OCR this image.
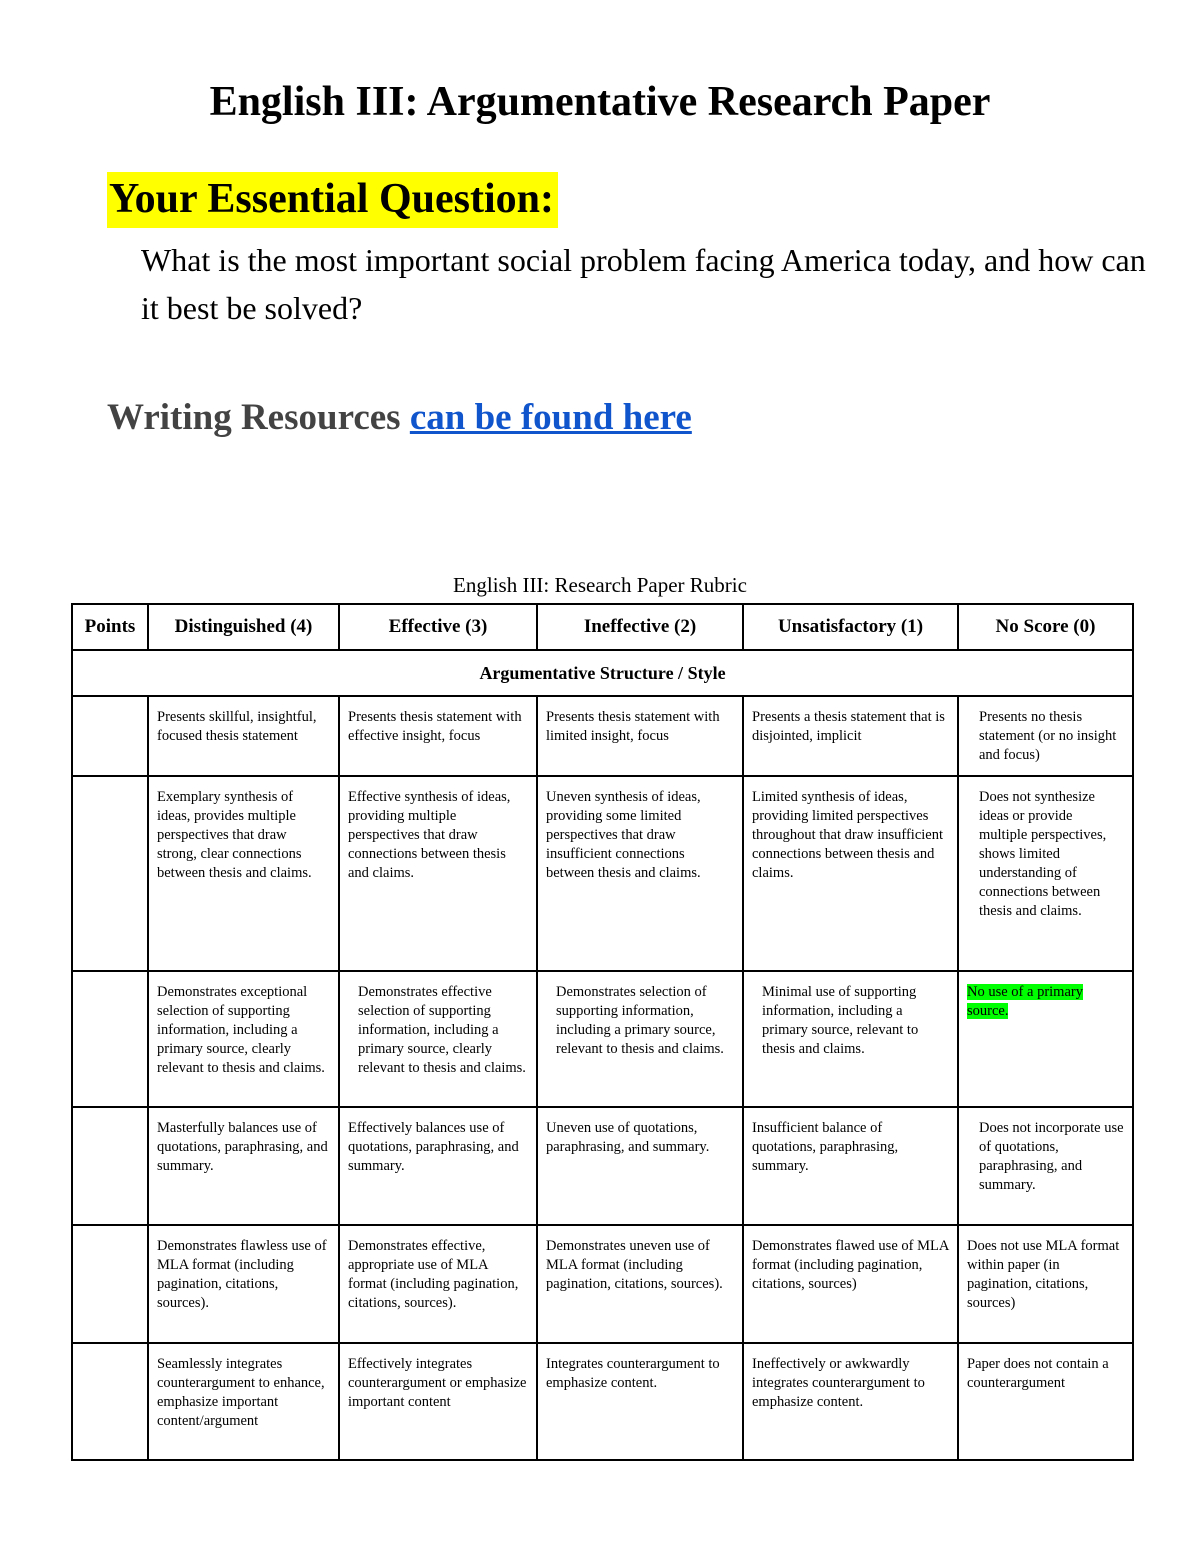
English III: Argumentative Research Paper
Your Essential Question:

What is the most important social problem facing America today, and how can it best be solved?

Writing Resources can be found here

English III: Research Paper Rubric

Points	Distinguished (4)	Effective (3)	Ineffective (2)	Unsatisfactory (1)	No Score (0)
Argumentative Structure / Style					

	Presents skillful, insightful, focused thesis statement	Presents thesis statement with effective insight, focus	Presents thesis statement with limited insight, focus	Presents a thesis statement that is disjointed, implicit	Presents no thesis statement (or no insight and focus)

	Exemplary synthesis of ideas, provides multiple perspectives that draw strong, clear connections between thesis and claims.	Effective synthesis of ideas, providing multiple perspectives that draw connections between thesis and claims.	Uneven synthesis of ideas, providing some limited perspectives that draw insufficient connections between thesis and claims.	Limited synthesis of ideas, providing limited perspectives throughout that draw insufficient connections between thesis and claims.	Does not synthesize ideas or provide multiple perspectives, shows limited understanding of connections between thesis and claims.

	Demonstrates exceptional selection of supporting information, including a primary source, clearly relevant to thesis and claims.	Demonstrates effective selection of supporting information, including a primary source, clearly relevant to thesis and claims.	Demonstrates selection of supporting information, including a primary source, relevant to thesis and claims.	Minimal use of supporting information, including a primary source, relevant to thesis and claims.	No use of a primary source.

	Masterfully balances use of quotations, paraphrasing, and summary.	Effectively balances use of quotations, paraphrasing, and summary.	Uneven use of quotations, paraphrasing, and summary.	Insufficient balance of quotations, paraphrasing, summary.	Does not incorporate use of quotations, paraphrasing, and summary.

	Demonstrates flawless use of MLA format (including pagination, citations, sources).	Demonstrates effective, appropriate use of MLA format (including pagination, citations, sources).	Demonstrates uneven use of MLA format (including pagination, citations, sources).	Demonstrates flawed use of MLA format (including pagination, citations, sources)	Does not use MLA format within paper (in pagination, citations, sources)

	Seamlessly integrates counterargument to enhance, emphasize important content/argument	Effectively integrates counterargument or emphasize important content	Integrates counterargument to emphasize content.	Ineffectively or awkwardly integrates counterargument to emphasize content.	Paper does not contain a counterargument
